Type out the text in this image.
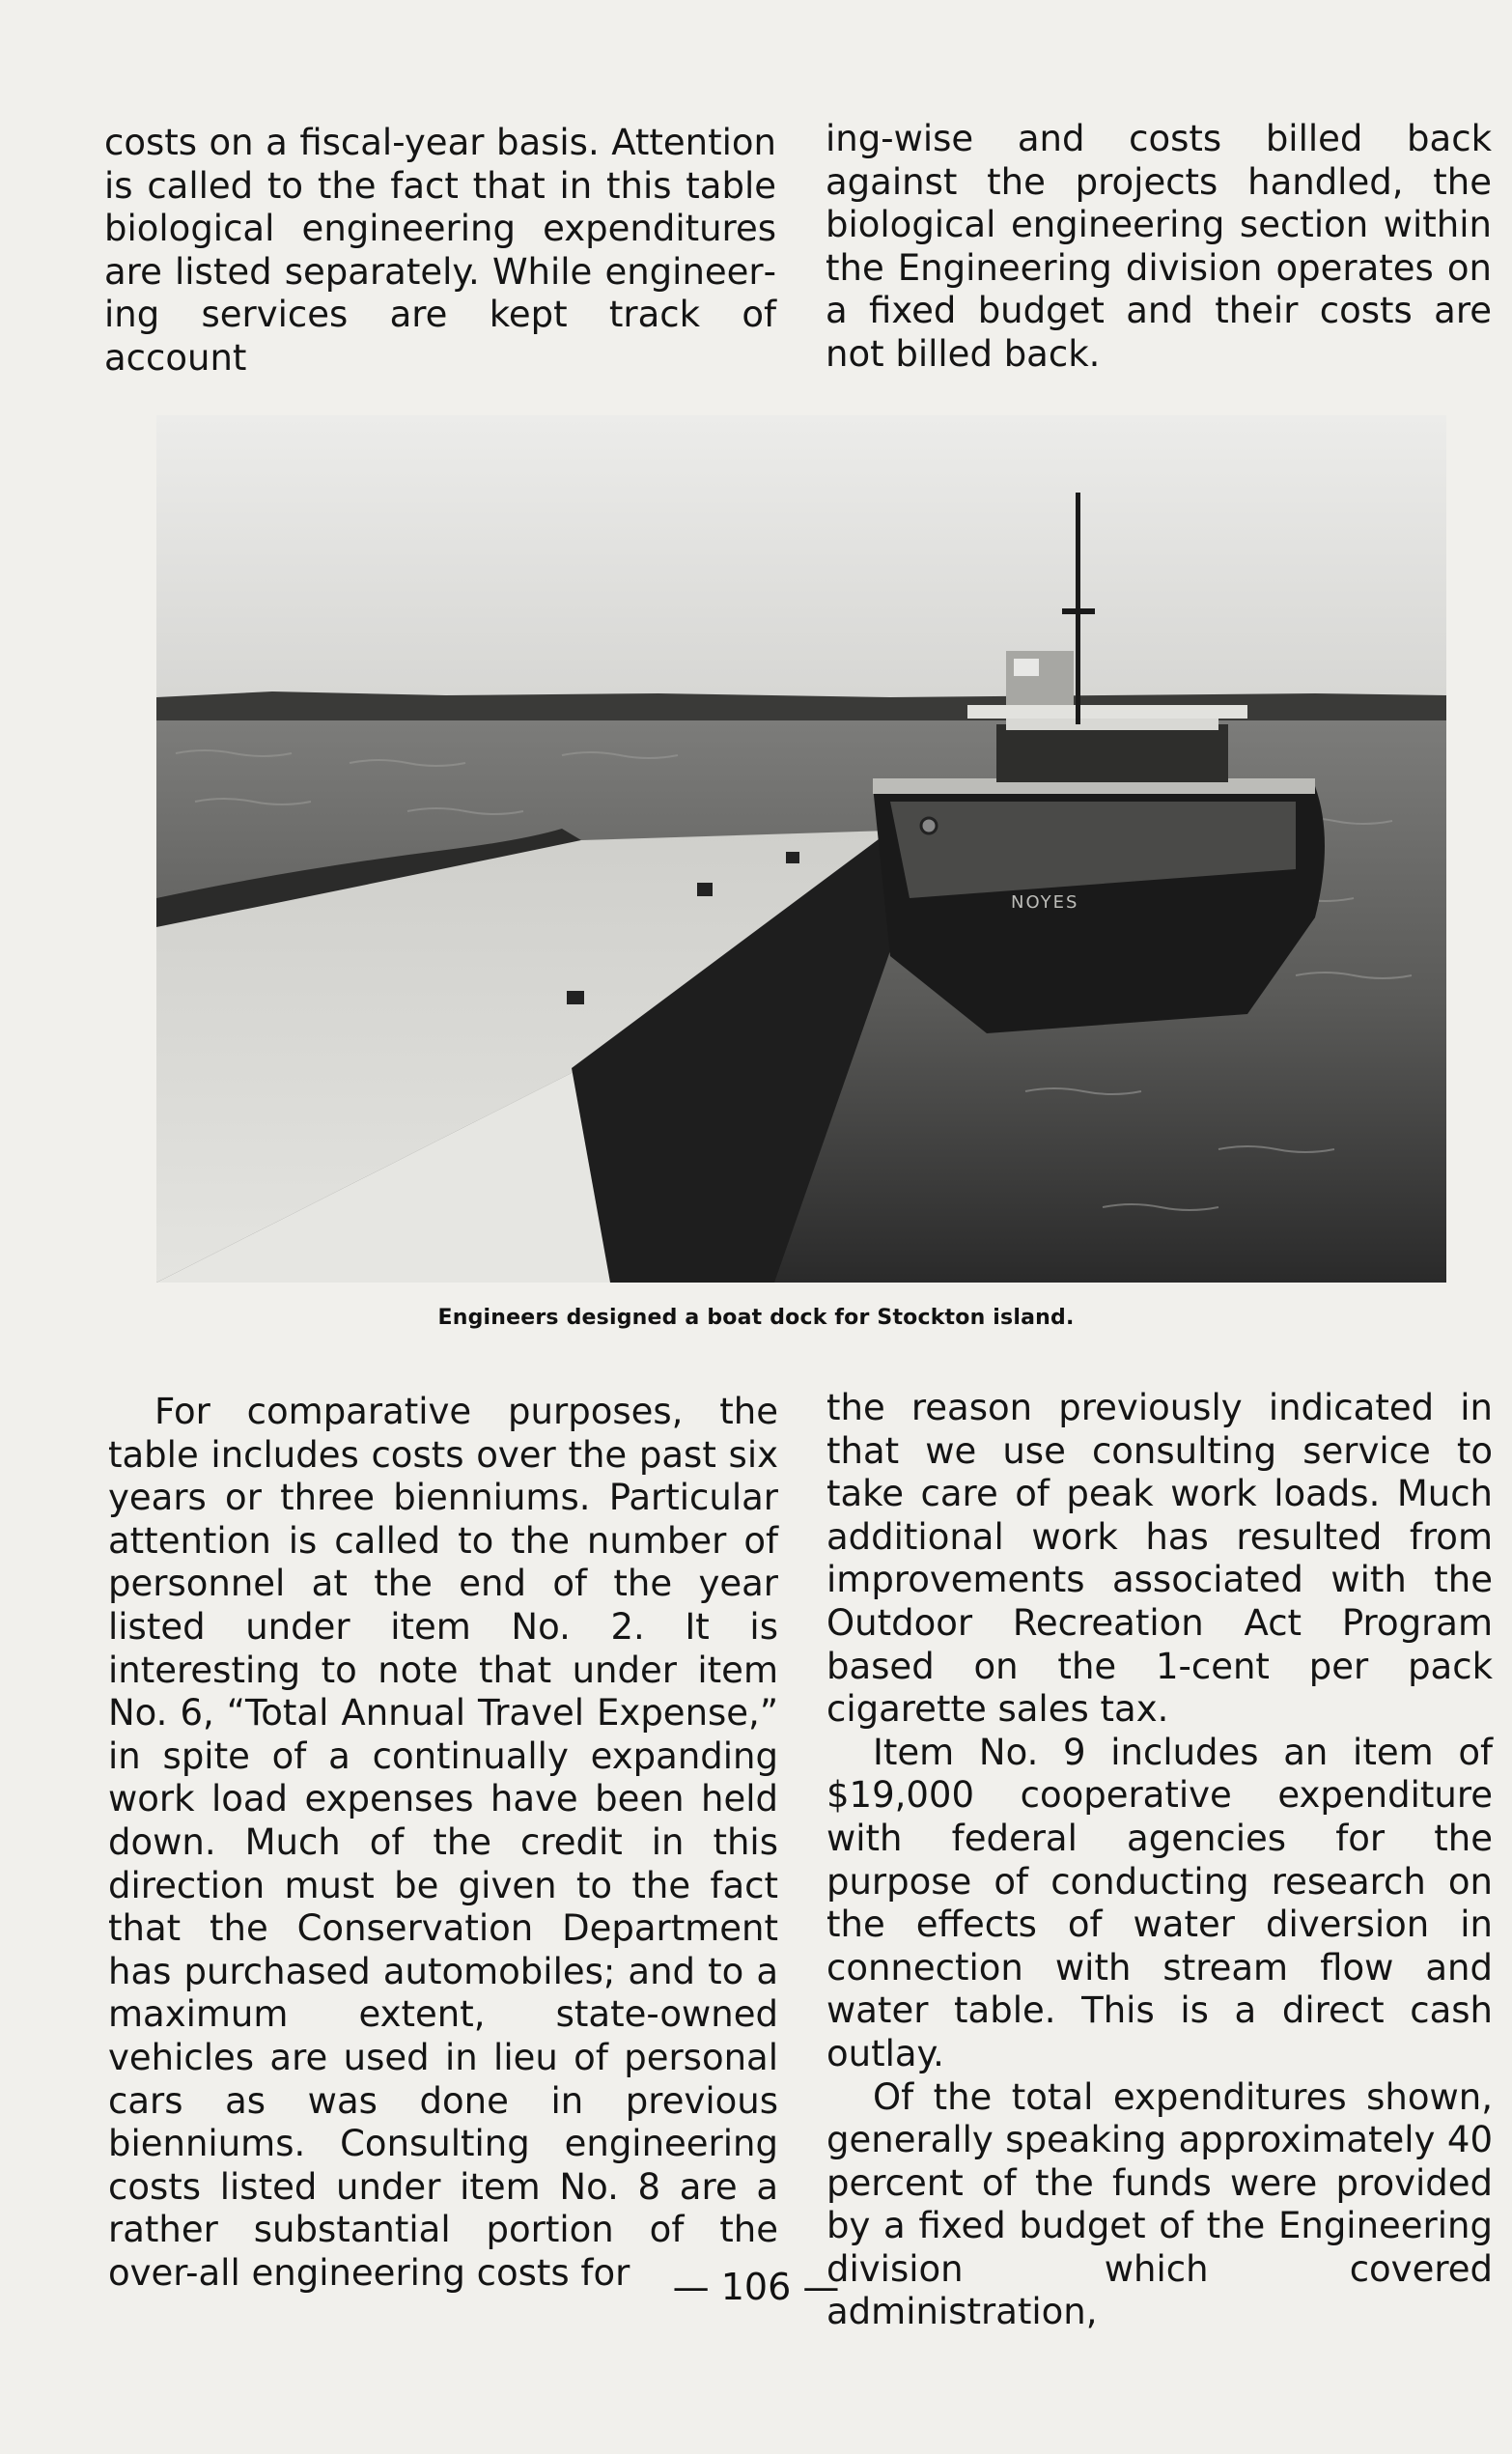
costs on a fiscal-year basis. Attention is called to the fact that in this table biological engineering expenditures are listed separately. While engineering services are kept track of account

ing-wise and costs billed back against the projects handled, the biological engineering section within the Engineering division operates on a fixed budget and their costs are not billed back.

NOYES
Engineers designed a boat dock for Stockton island.

For comparative purposes, the table includes costs over the past six years or three bienniums. Particular attention is called to the number of personnel at the end of the year listed under item No. 2. It is interesting to note that under item No. 6, “Total Annual Travel Expense,” in spite of a continually expanding work load expenses have been held down. Much of the credit in this direction must be given to the fact that the Conservation Department has purchased automobiles; and to a maximum extent, state-owned vehicles are used in lieu of personal cars as was done in previous bienniums. Consulting engineering costs listed under item No. 8 are a rather substantial portion of the over-all engineering costs for

the reason previously indicated in that we use consulting service to take care of peak work loads. Much additional work has resulted from improvements associated with the Outdoor Recreation Act Program based on the 1-cent per pack cigarette sales tax.

Item No. 9 includes an item of $19,000 cooperative expenditure with federal agencies for the purpose of conducting research on the effects of water diversion in connection with stream flow and water table. This is a direct cash outlay.

Of the total expenditures shown, generally speaking approximately 40 percent of the funds were provided by a fixed budget of the Engineering division which covered administration,

— 106 —
